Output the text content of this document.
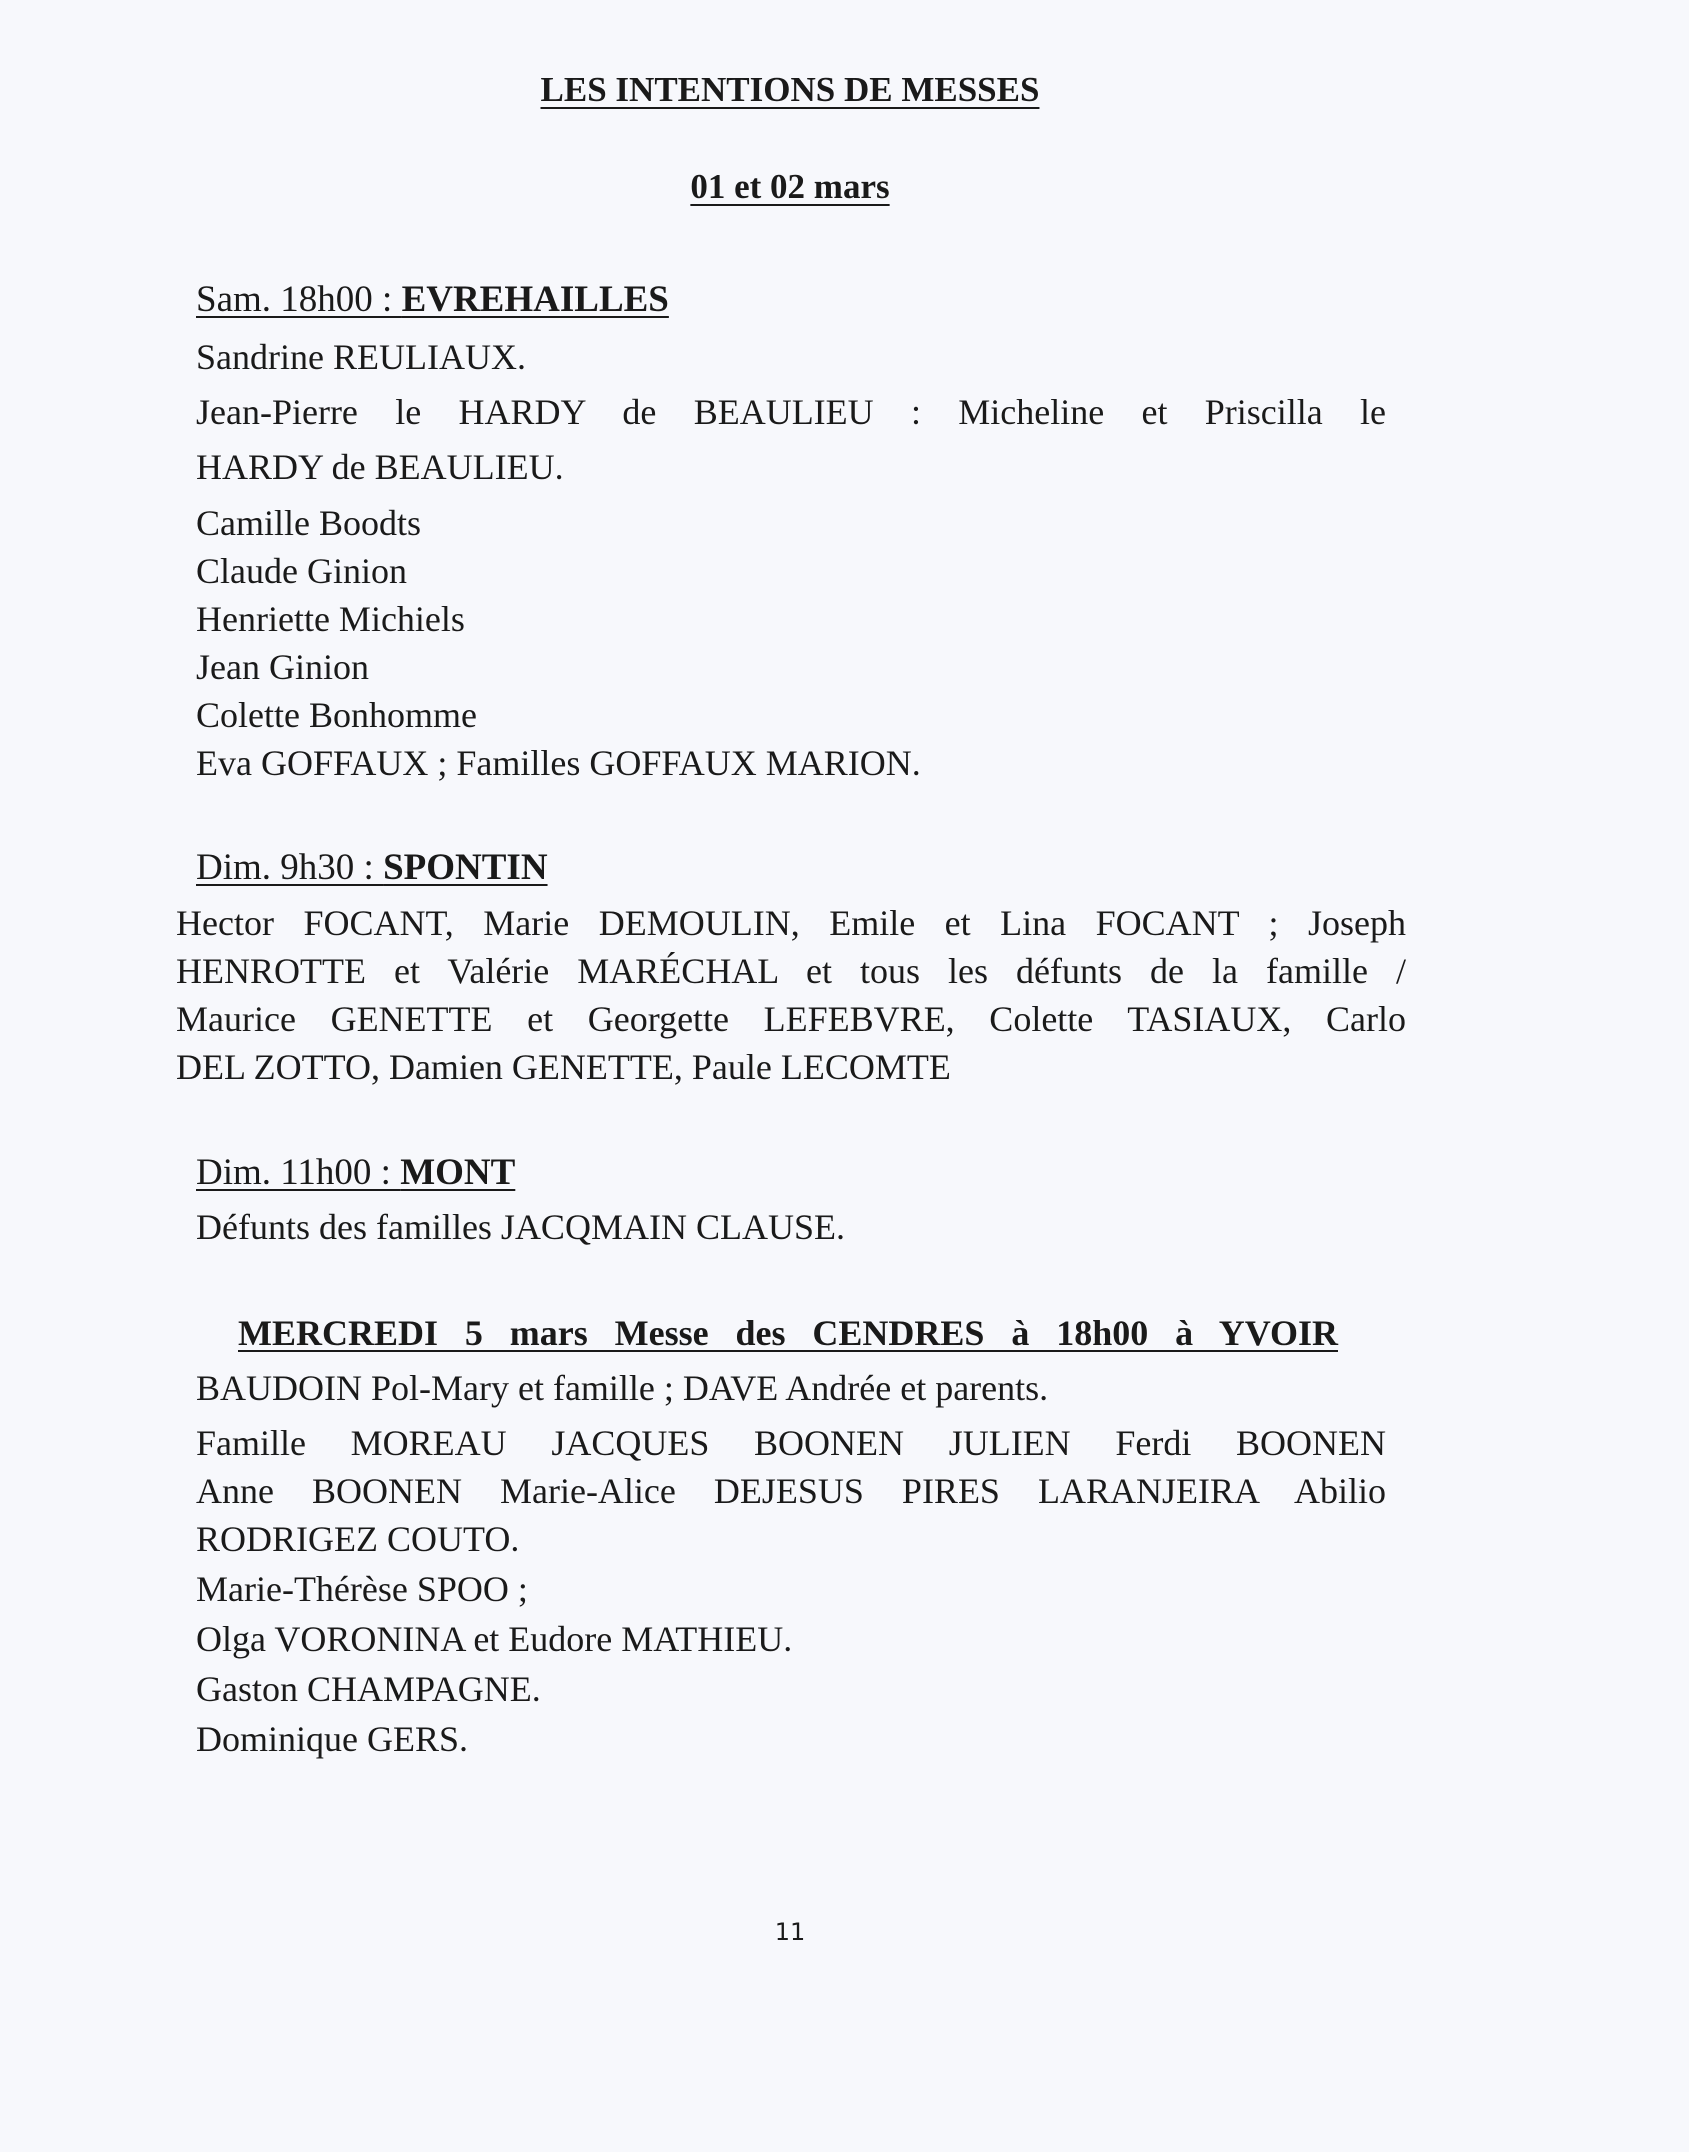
LES INTENTIONS DE MESSES
01 et 02 mars
Sam. 18h00 : EVREHAILLES
Sandrine REULIAUX.
Jean-Pierre le HARDY de BEAULIEU : Micheline et Priscilla le
HARDY de BEAULIEU.
Camille Boodts
Claude Ginion
Henriette Michiels
Jean Ginion
Colette Bonhomme
Eva GOFFAUX ; Familles GOFFAUX MARION.
Dim. 9h30 : SPONTIN
Hector FOCANT, Marie DEMOULIN, Emile et Lina FOCANT ; Joseph
HENROTTE et Valérie MARÉCHAL et tous les défunts de la famille /
Maurice GENETTE et Georgette LEFEBVRE, Colette TASIAUX, Carlo
DEL ZOTTO, Damien GENETTE, Paule LECOMTE
Dim. 11h00 : MONT
Défunts des familles JACQMAIN CLAUSE.
MERCREDI 5 mars Messe des CENDRES à 18h00 à YVOIR
BAUDOIN Pol-Mary et famille ; DAVE Andrée et parents.
Famille MOREAU JACQUES BOONEN JULIEN Ferdi BOONEN
Anne BOONEN Marie-Alice DEJESUS PIRES LARANJEIRA Abilio
RODRIGEZ COUTO.
Marie-Thérèse SPOO ;
Olga VORONINA et Eudore MATHIEU.
Gaston CHAMPAGNE.
Dominique GERS.
11
